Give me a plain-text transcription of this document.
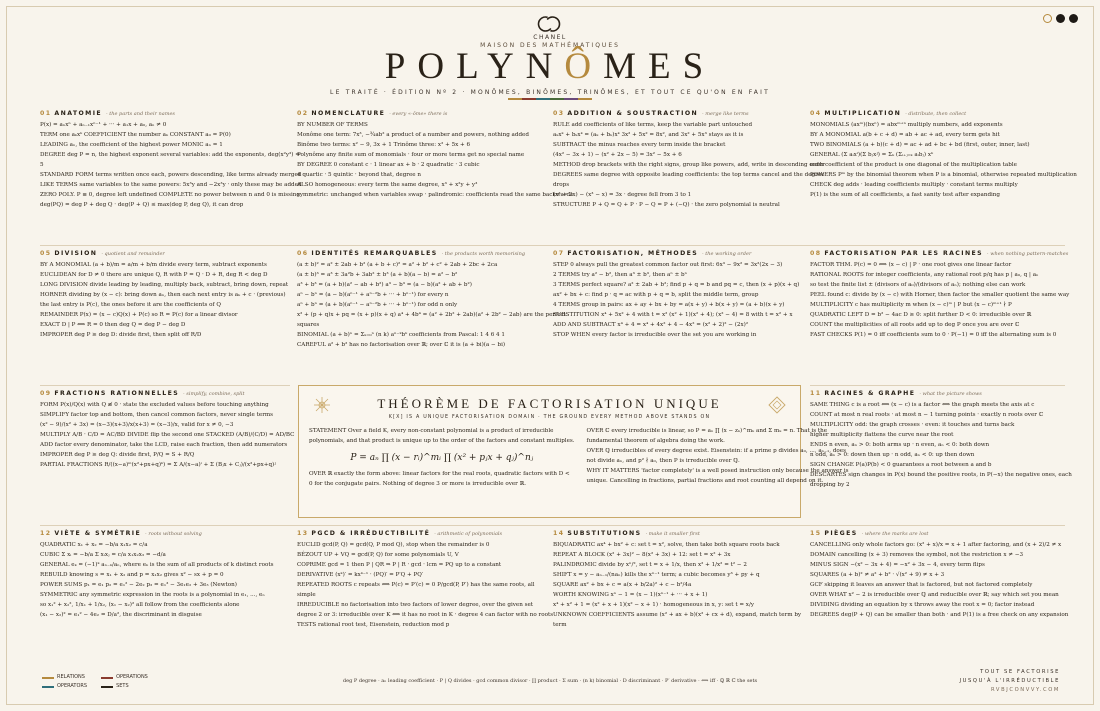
CHANEL
MAISON DES MATHÉMATIQUES
POLYNÔMES
LE TRAITÉ · ÉDITION Nº 2 · MONÔMES, BINÔMES, TRINÔMES, ET TOUT CE QU'ON EN FAIT
01 ANATOMIE · the parts and their names
P(x) = aₙxⁿ + aₙ₋₁xⁿ⁻¹ + ··· + a₁x + a₀, aₙ ≠ 0
TERM one aₖxᵏ COEFFICIENT the number aₖ CONSTANT a₀ = P(0)
LEADING aₙ, the coefficient of the highest power MONIC aₙ = 1
DEGREE deg P = n, the highest exponent several variables: add the exponents, deg(x²y³) =
5
STANDARD FORM terms written once each, powers descending, like terms already merged
LIKE TERMS same variables to the same powers: 5x³y and −2x³y · only these may be added
ZERO POLY. P ≡ 0, degree left undefined COMPLETE no power between n and 0 is missing
deg(PQ) = deg P + deg Q · deg(P + Q) ≤ max(deg P, deg Q), it can drop
02 NOMENCLATURE · every «-ôme» there is
BY NUMBER OF TERMS
Monôme one term: 7x³, −¾ab² a product of a number and powers, nothing added
Binôme two terms: x² − 9, 3x + 1 Trinôme three: x² + 5x + 6
Polynôme any finite sum of monomials · four or more terms get no special name
BY DEGREE 0 constant c · 1 linear ax + b · 2 quadratic · 3 cubic
4 quartic · 5 quintic · beyond that, degree n
ALSO homogeneous: every term the same degree, x³ + x²y + y³
symmetric: unchanged when variables swap · palindromic: coefficients read the same backwards
03 ADDITION & SOUSTRACTION · merge like terms
RULE add coefficients of like terms, keep the variable part untouched
aₖxᵏ + bₖxᵏ = (aₖ + bₖ)xᵏ 3x² + 5x² = 8x², and 3x² + 5x³ stays as it is
SUBTRACT the minus reaches every term inside the bracket
(4x² − 3x + 1) − (x² + 2x − 5) = 3x² − 5x + 6
METHOD drop brackets with the right signs, group like powers, add, write in descending order
DEGREES same degree with opposite leading coefficients: the top terms cancel and the degree
drops
(x³ + 2x) − (x³ − x) = 3x · degree fell from 3 to 1
STRUCTURE P + Q = Q + P · P − Q = P + (−Q) · the zero polynomial is neutral
04 MULTIPLICATION · distribute, then collect
MONOMIALS (axᵐ)(bxⁿ) = abxᵐ⁺ⁿ multiply numbers, add exponents
BY A MONOMIAL a(b + c + d) = ab + ac + ad, every term gets hit
TWO BINOMIALS (a + b)(c + d) = ac + ad + bc + bd (first, outer, inner, last)
GENERAL (Σ aᵢxⁱ)(Σ bⱼxʲ) = Σₖ (Σᵢ₊ⱼ₌ₖ aᵢbⱼ) xᵏ
each coefficient of the product is one diagonal of the multiplication table
POWERS Pᵐ by the binomial theorem when P is a binomial, otherwise repeated multiplication
CHECK deg adds · leading coefficients multiply · constant terms multiply
P(1) is the sum of all coefficients, a fast sanity test after expanding
05 DIVISION · quotient and remainder
BY A MONOMIAL (a + b)/m = a/m + b/m divide every term, subtract exponents
EUCLIDEAN for D ≠ 0 there are unique Q, R with P = Q · D + R, deg R < deg D
LONG DIVISION divide leading by leading, multiply back, subtract, bring down, repeat
HORNER dividing by (x − c): bring down aₙ, then each next entry is aₖ + c · (previous)
the last entry is P(c), the ones before it are the coefficients of Q
REMAINDER P(x) = (x − c)Q(x) + P(c) so R = P(c) for a linear divisor
EXACT D | P ⟺ R = 0 then deg Q = deg P − deg D
IMPROPER deg P ≥ deg D: divide first, then split off R/D
06 IDENTITÉS REMARQUABLES · the products worth memorising
(a ± b)² = a² ± 2ab + b² (a + b + c)² = a² + b² + c² + 2ab + 2bc + 2ca
(a ± b)³ = a³ ± 3a²b + 3ab² ± b³ (a + b)(a − b) = a² − b²
a³ + b³ = (a + b)(a² − ab + b²) a³ − b³ = (a − b)(a² + ab + b²)
aⁿ − bⁿ = (a − b)(aⁿ⁻¹ + aⁿ⁻²b + ··· + bⁿ⁻¹) for every n
aⁿ + bⁿ = (a + b)(aⁿ⁻¹ − aⁿ⁻²b + ··· + bⁿ⁻¹) for odd n only
x² + (p + q)x + pq = (x + p)(x + q) a⁴ + 4b⁴ = (a² + 2b² + 2ab)(a² + 2b² − 2ab) are the perfect
squares
BINOMIAL (a + b)ⁿ = Σₖ₌₀ⁿ (n k) aⁿ⁻ᵏbᵏ coefficients from Pascal: 1 4 6 4 1
CAREFUL a² + b² has no factorisation over ℝ; over ℂ it is (a + bi)(a − bi)
07 FACTORISATION, MÉTHODES · the working order
STEP 0 always pull the greatest common factor out first: 6x³ − 9x² = 3x²(2x − 3)
2 TERMS try a² − b², then a³ ± b³, then aⁿ ± bⁿ
3 TERMS perfect square? a² ± 2ab + b²; find p + q = b and pq = c, then (x + p)(x + q)
ax² + bx + c: find p · q = ac with p + q = b, split the middle term, group
4 TERMS group in pairs: ax + ay + bx + by = a(x + y) + b(x + y) = (a + b)(x + y)
SUBSTITUTION x⁴ + 5x² + 4 with t = x² (x² + 1)(x² + 4); (x² − 4) = 8 with t = x² + x
ADD AND SUBTRACT x⁴ + 4 = x⁴ + 4x² + 4 − 4x² = (x² + 2)² − (2x)²
STOP WHEN every factor is irreducible over the set you are working in
08 FACTORISATION PAR LES RACINES · when nothing pattern-matches
FACTOR THM. P(c) = 0 ⟺ (x − c) | P · one root gives one linear factor
RATIONAL ROOTS for integer coefficients, any rational root p/q has p | a₀, q | aₙ
so test the finite list ± (divisors of a₀)/(divisors of aₙ); nothing else can work
PEEL found c: divide by (x − c) with Horner, then factor the smaller quotient the same way
MULTIPLICITY c has multiplicity m when (x − c)ᵐ | P but (x − c)ᵐ⁺¹ ∤ P
QUADRATIC LEFT D = b² − 4ac D ≥ 0: split further D < 0: irreducible over ℝ
COUNT the multiplicities of all roots add up to deg P once you are over ℂ
FAST CHECKS P(1) = 0 iff coefficients sum to 0 · P(−1) = 0 iff the alternating sum is 0
09 FRACTIONS RATIONNELLES · simplify, combine, split
FORM P(x)/Q(x) with Q ≢ 0 · state the excluded values before touching anything
SIMPLIFY factor top and bottom, then cancel common factors, never single terms
(x² − 9)/(x² + 3x) = (x−3)(x+3)/x(x+3) = (x−3)/x, valid for x ≠ 0, −3
MULTIPLY A/B · C/D = AC/BD DIVIDE flip the second one STACKED (A/B)/(C/D) = AD/BC
ADD factor every denominator, take the LCD, raise each fraction, then add numerators
IMPROPER deg P ≥ deg Q: divide first, P/Q = S + R/Q
PARTIAL FRACTIONS R/((x−a)ᵐ(x²+px+q)ᵏ) = Σ A/(x−a)ⁱ + Σ (Bⱼx + Cⱼ)/(x²+px+q)ʲ
11 RACINES & GRAPHE · what the picture shows
SAME THING c is a root ⟺ (x − c) is a factor ⟺ the graph meets the axis at c
COUNT at most n real roots · at most n − 1 turning points · exactly n roots over ℂ
MULTIPLICITY odd: the graph crosses · even: it touches and turns back
higher multiplicity flattens the curve near the root
ENDS n even, aₙ > 0: both arms up · n even, aₙ < 0: both down
n odd, aₙ > 0: down then up · n odd, aₙ < 0: up then down
SIGN CHANGE P(a)P(b) < 0 guarantees a root between a and b
DESCARTES sign changes in P(x) bound the positive roots, in P(−x) the negative ones, each
dropping by 2
12 VIÈTE & SYMÉTRIE · roots without solving
QUADRATIC x₁ + x₂ = −b/a x₁x₂ = c/a
CUBIC Σ xᵢ = −b/a Σ xᵢxⱼ = c/a x₁x₂x₃ = −d/a
GENERAL eₖ = (−1)ᵏ aₙ₋ₖ/aₙ, where eₖ is the sum of all products of k distinct roots
REBUILD knowing s = x₁ + x₂ and p = x₁x₂ gives x² − sx + p = 0
POWER SUMS p₁ = e₁ p₂ = e₁² − 2e₂ p₃ = e₁³ − 3e₁e₂ + 3e₃ (Newton)
SYMMETRIC any symmetric expression in the roots is a polynomial in e₁, ..., eₙ
so x₁² + x₂², 1/x₁ + 1/x₂, (x₁ − x₂)² all follow from the coefficients alone
(x₁ − x₂)² = e₁² − 4e₂ = D/a², the discriminant in disguise
13 PGCD & IRRÉDUCTIBILITÉ · arithmetic of polynomials
EUCLID gcd(P, Q) = gcd(Q, P mod Q), stop when the remainder is 0
BÉZOUT UP + VQ = gcd(P, Q) for some polynomials U, V
COPRIME gcd = 1 then P | QR ⇒ P | R · gcd · lcm = PQ up to a constant
DERIVATIVE (xᵏ)′ = kxᵏ⁻¹ · (PQ)′ = P′Q + PQ′
REPEATED ROOTS c repeats ⟺ P(c) = P′(c) = 0 P/gcd(P, P′) has the same roots, all
simple
IRREDUCIBLE no factorisation into two factors of lower degree, over the given set
degree 2 or 3: irreducible over K ⟺ it has no root in K · degree 4 can factor with no roots
TESTS rational root test, Eisenstein, reduction mod p
14 SUBSTITUTIONS · make it smaller first
BIQUADRATIC ax⁴ + bx² + c: set t = x², solve, then take both square roots back
REPEAT A BLOCK (x² + 3x)² − 8(x² + 3x) + 12: set t = x² + 3x
PALINDROMIC divide by xⁿ/², set t = x + 1/x, then x² + 1/x² = t² − 2
SHIFT x = y − aₙ₋₁/(naₙ) kills the xⁿ⁻¹ term; a cubic becomes y³ + py + q
SQUARE ax² + bx + c = a(x + b/2a)² + c − b²/4a
WORTH KNOWING xⁿ − 1 = (x − 1)(xⁿ⁻¹ + ··· + x + 1)
x⁴ + x² + 1 = (x² + x + 1)(x² − x + 1) · homogeneous in x, y: set t = x/y
UNKNOWN COEFFICIENTS assume (x² + ax + b)(x² + cx + d), expand, match term by
term
15 PIÈGES · where the marks are lost
CANCELLING only whole factors go: (x² + x)/x = x + 1 after factoring, and (x + 2)/2 ≠ x
DOMAIN cancelling (x + 3) removes the symbol, not the restriction x ≠ −3
MINUS SIGN −(x² − 3x + 4) = −x² + 3x − 4, every term flips
SQUARES (a + b)² ≠ a² + b² · √(x² + 9) ≠ x + 3
GCF skipping it leaves an answer that is factored, but not factored completely
OVER WHAT x² − 2 is irreducible over ℚ and reducible over ℝ; say which set you mean
DIVIDING dividing an equation by x throws away the root x = 0; factor instead
DEGREES deg(P + Q) can be smaller than both · and P(1) is a free check on any expansion
THÉORÈME DE FACTORISATION UNIQUE
K[X] IS A UNIQUE FACTORISATION DOMAIN · THE GROUND EVERY METHOD ABOVE STANDS ON
STATEMENT Over a field K, every non-constant polynomial is a product of irreducible
polynomials, and that product is unique up to the order of the factors and constant multiples.
P = aₙ ∏ (x − rᵢ)^mᵢ ∏ (x² + pⱼx + qⱼ)^nⱼ
OVER ℝ exactly the form above: linear factors for the real roots, quadratic factors with D <
0 for the conjugate pairs. Nothing of degree 3 or more is irreducible over ℝ.
OVER ℂ every irreducible is linear, so P = aₙ ∏ (x − zₖ)^mₖ and Σ mₖ = n. That is the
fundamental theorem of algebra doing the work.
OVER ℚ irreducibles of every degree exist. Eisenstein: if a prime p divides a₀, ..., aₙ₋₁, does
not divide aₙ, and p² ∤ a₀, then P is irreducible over ℚ.
WHY IT MATTERS 'factor completely' is a well posed instruction only because the answer is
unique. Cancelling in fractions, partial fractions and root counting all depend on it.
RELATIONS	OPERATIONS
OPERATORS	SETS
deg P degree · aₙ leading coefficient · P | Q divides · gcd common divisor · ∏ product · Σ sum · (n k) binomial · D discriminant · P′ derivative · ⟺ iff · ℚ ℝ ℂ the sets
TOUT SE FACTORISE
JUSQU'À L'IRRÉDUCTIBLE
RVBJCONVVY.COM
